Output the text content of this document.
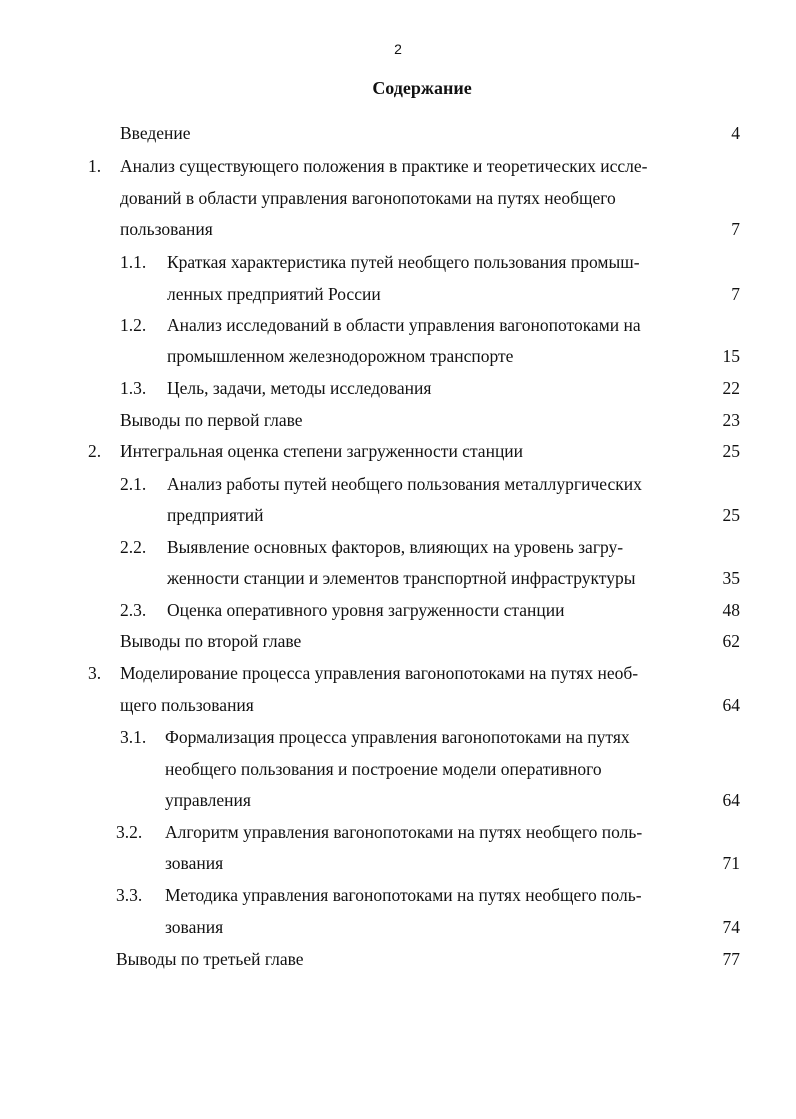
2
Содержание
Введение	4
1. Анализ существующего положения в практике и теоретических иссле-
дований в области управления вагонопотоками на путях необщего
пользования	7
1.1. Краткая характеристика путей необщего пользования промыш-
ленных предприятий России	7
1.2. Анализ исследований в области управления вагонопотоками на
промышленном железнодорожном транспорте	15
1.3. Цель, задачи, методы исследования	22
Выводы по первой главе	23
2. Интегральная оценка степени загруженности станции	25
2.1. Анализ работы путей необщего пользования металлургических
предприятий	25
2.2. Выявление основных факторов, влияющих на уровень загру-
женности станции и элементов транспортной инфраструктуры	35
2.3. Оценка оперативного уровня загруженности станции	48
Выводы по второй главе	62
3. Моделирование процесса управления вагонопотоками на путях необ-
щего пользования	64
3.1. Формализация процесса управления вагонопотоками на путях
необщего пользования и построение модели оперативного
управления	64
3.2. Алгоритм управления вагонопотоками на путях необщего поль-
зования	71
3.3. Методика управления вагонопотоками на путях необщего поль-
зования	74
Выводы по третьей главе	77
